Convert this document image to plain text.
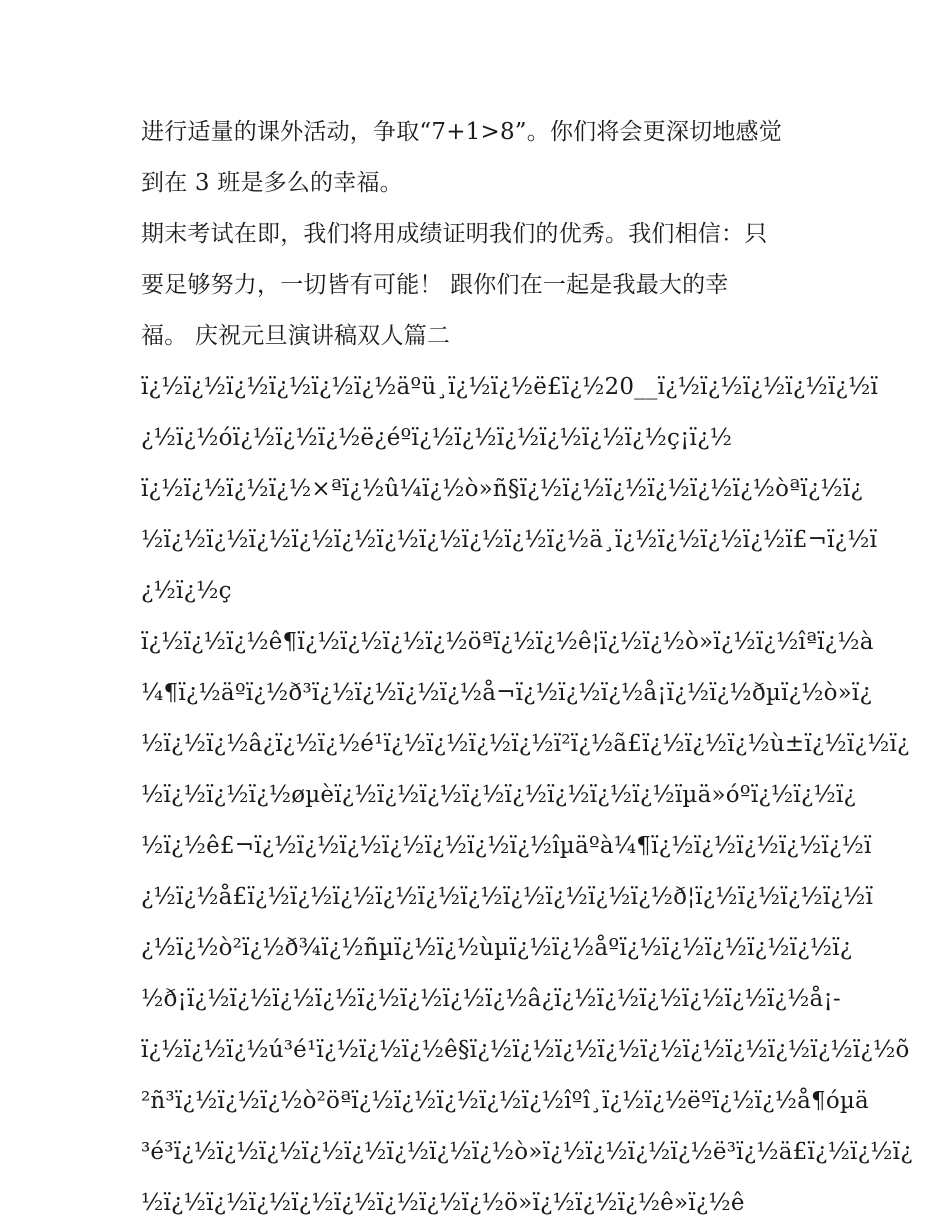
进行适量的课外活动，争取“7+1>8”。你们将会更深切地感觉
到在 3 班是多么的幸福。
期末考试在即，我们将用成绩证明我们的优秀。我们相信：只
要足够努力，一切皆有可能！ 跟你们在一起是我最大的幸
福。 庆祝元旦演讲稿双人篇二
ï¿½ï¿½ï¿½ï¿½ï¿½ï¿½äºü¸ï¿½ï¿½ë£ï¿½20__ï¿½ï¿½ï¿½ï¿½ï¿½ï
¿½ï¿½óï¿½ï¿½ï¿½ë¿éºï¿½ï¿½ï¿½ï¿½ï¿½ï¿½ç¡ï¿½
ï¿½ï¿½ï¿½ï¿½×ªï¿½û¼ï¿½ò»ñ§ï¿½ï¿½ï¿½ï¿½ï¿½ï¿½òªï¿½ï¿
½ï¿½ï¿½ï¿½ï¿½ï¿½ï¿½ï¿½ï¿½ï¿½ï¿½ä¸ï¿½ï¿½ï¿½ï¿½ï£¬ï¿½ï
¿½ï¿½ç
ï¿½ï¿½ï¿½ê¶ï¿½ï¿½ï¿½ï¿½öªï¿½ï¿½ê¦ï¿½ï¿½ò»ï¿½ï¿½îªï¿½à
¼¶ï¿½äºï¿½ð³ï¿½ï¿½ï¿½ï¿½å¬ï¿½ï¿½ï¿½å¡ï¿½ï¿½ðµï¿½ò»ï¿
½ï¿½ï¿½â¿ï¿½ï¿½é¹ï¿½ï¿½ï¿½ï¿½ï²ï¿½ã£ï¿½ï¿½ï¿½ù±ï¿½ï¿½ï¿
½ï¿½ï¿½ï¿½øµèï¿½ï¿½ï¿½ï¿½ï¿½ï¿½ï¿½ï¿½ïµä»óºï¿½ï¿½ï¿
½ï¿½ê£¬ï¿½ï¿½ï¿½ï¿½ï¿½ï¿½ï¿½îµäºà¼¶ï¿½ï¿½ï¿½ï¿½ï¿½ï
¿½ï¿½å£ï¿½ï¿½ï¿½ï¿½ï¿½ï¿½ï¿½ï¿½ï¿½ï¿½ð¦ï¿½ï¿½ï¿½ï¿½ï
¿½ï¿½ò²ï¿½ð¾ï¿½ñµï¿½ï¿½ùµï¿½ï¿½åºï¿½ï¿½ï¿½ï¿½ï¿½ï¿
½ð¡ï¿½ï¿½ï¿½ï¿½ï¿½ï¿½ï¿½ï¿½â¿ï¿½ï¿½ï¿½ï¿½ï¿½ï¿½å¡-
ï¿½ï¿½ï¿½ú³é¹ï¿½ï¿½ï¿½ê§ï¿½ï¿½ï¿½ï¿½ï¿½ï¿½ï¿½ï¿½ï¿½ï¿½õ
²ñ³ï¿½ï¿½ï¿½ò²öªï¿½ï¿½ï¿½ï¿½ï¿½îºî¸ï¿½ï¿½ëºï¿½ï¿½å¶óµä
³é³ï¿½ï¿½ï¿½ï¿½ï¿½ï¿½ï¿½ï¿½ò»ï¿½ï¿½ï¿½ï¿½ë³ï¿½ä£ï¿½ï¿½ï¿
½ï¿½ï¿½ï¿½ï¿½ï¿½ï¿½ï¿½ï¿½ö»ï¿½ï¿½ï¿½ê»ï¿½ê
